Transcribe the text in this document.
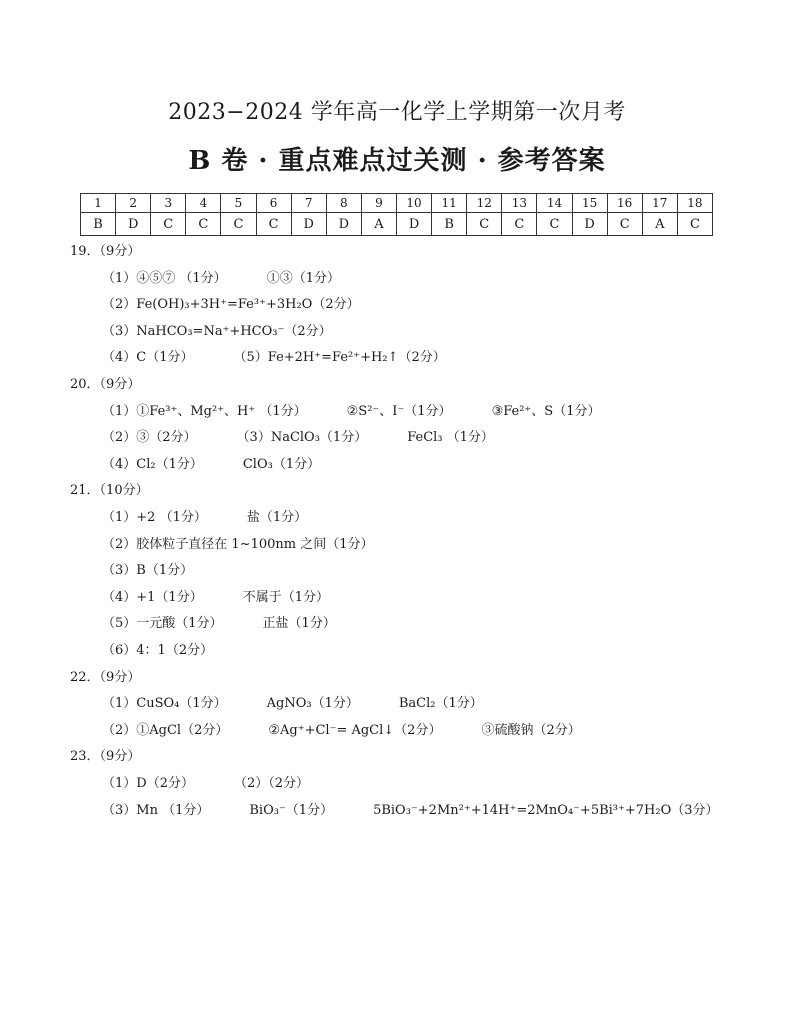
2023−2024 学年高一化学上学期第一次月考
B 卷 · 重点难点过关测 · 参考答案
1	2	3	4	5	6	7	8	9	10	11	12	13	14	15	16	17	18
B	D	C	C	C	C	D	D	A	D	B	C	C	C	D	C	A	C
19．（9分）
（1）④⑤⑦ （1分）	①③（1分）
（2）Fe(OH)₃+3H⁺=Fe³⁺+3H₂O（2分）
（3）NaHCO₃=Na⁺+HCO₃⁻（2分）
（4）C（1分）	（5）Fe+2H⁺=Fe²⁺+H₂↑（2分）
20．（9分）
（1）①Fe³⁺、Mg²⁺、H⁺ （1分）	②S²⁻、I⁻（1分）	③Fe²⁺、S（1分）
（2）③（2分）	（3）NaClO₃（1分）	FeCl₃ （1分）
（4）Cl₂（1分）	ClO₃（1分）
21．（10分）
（1）+2 （1分）	盐（1分）
（2）胶体粒子直径在 1~100nm 之间（1分）
（3）B（1分）
（4）+1（1分）	不属于（1分）
（5）一元酸（1分）	正盐（1分）
（6）4：1（2分）
22．（9分）
（1）CuSO₄（1分）	AgNO₃（1分）	BaCl₂（1分）
（2）①AgCl（2分）	②Ag⁺+Cl⁻= AgCl↓（2分）	③硫酸钠（2分）
23．（9分）
（1）D（2分）	（2）（2分）
（3）Mn （1分）	BiO₃⁻（1分）	5BiO₃⁻+2Mn²⁺+14H⁺=2MnO₄⁻+5Bi³⁺+7H₂O（3分）
